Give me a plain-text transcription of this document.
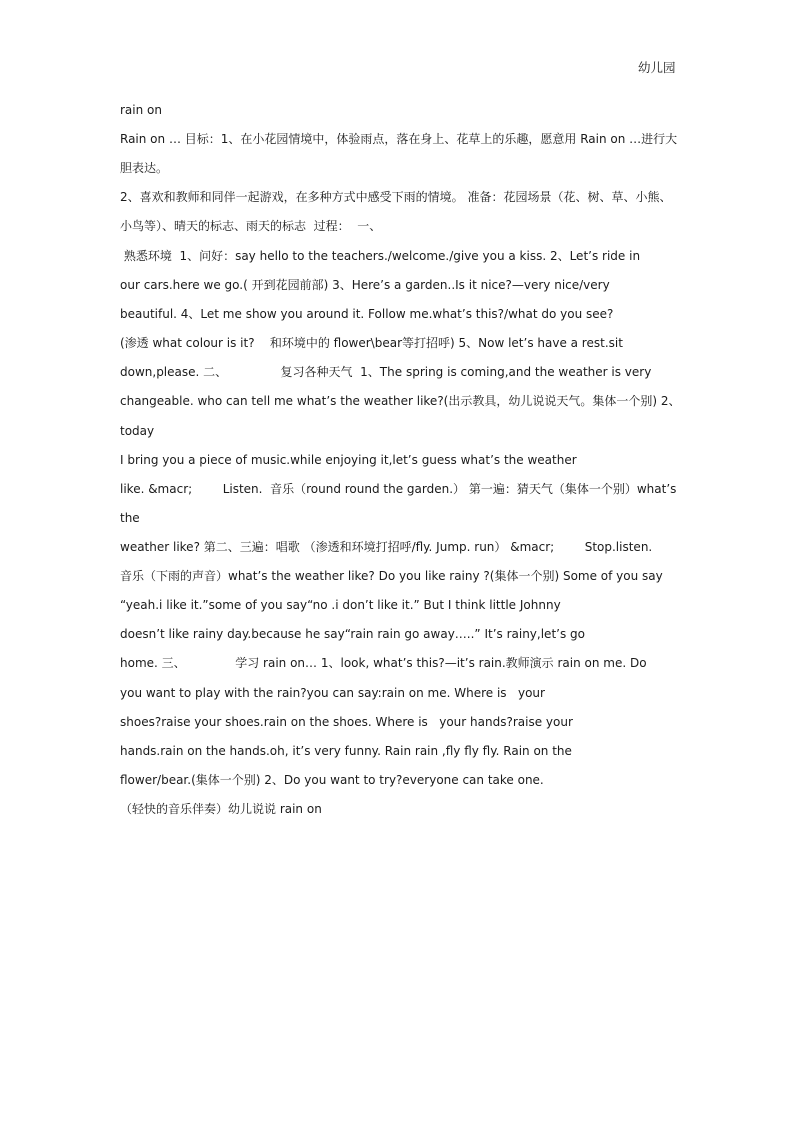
幼儿园
rain on
Rain on … 目标：1、在小花园情境中，体验雨点，落在身上、花草上的乐趣，愿意用 Rain on …进行大
胆表达。
2、喜欢和教师和同伴一起游戏，在多种方式中感受下雨的情境。 准备：花园场景（花、树、草、小熊、
小鸟等）、晴天的标志、雨天的标志  过程：  一、
熟悉环境  1、问好：say hello to the teachers./welcome./give you a kiss. 2、Let’s ride in
our cars.here we go.( 开到花园前部) 3、Here’s a garden..Is it nice?—very nice/very
beautiful. 4、Let me show you around it. Follow me.what’s this?/what do you see?
(渗透 what colour is it?    和环境中的 flower\bear等打招呼) 5、Now let’s have a rest.sit
down,please. 二、              复习各种天气  1、The spring is coming,and the weather is very
changeable. who can tell me what’s the weather like?(出示教具，幼儿说说天气。集体一个别) 2、
today
I bring you a piece of music.while enjoying it,let’s guess what’s the weather
like. &macr;        Listen.  音乐（round round the garden.） 第一遍：猜天气（集体一个别）what’s
the
weather like? 第二、三遍：唱歌 （渗透和环境打招呼/fly. Jump. run） &macr;        Stop.listen.
音乐（下雨的声音）what’s the weather like? Do you like rainy ?(集体一个别) Some of you say
“yeah.i like it.”some of you say“no .i don’t like it.” But I think little Johnny
doesn’t like rainy day.because he say“rain rain go away…..” It’s rainy,let’s go
home. 三、             学习 rain on… 1、look, what’s this?—it’s rain.教师演示 rain on me. Do
you want to play with the rain?you can say:rain on me. Where is   your
shoes?raise your shoes.rain on the shoes. Where is   your hands?raise your
hands.rain on the hands.oh, it’s very funny. Rain rain ,fly fly fly. Rain on the
flower/bear.(集体一个别) 2、Do you want to try?everyone can take one.
（轻快的音乐伴奏）幼儿说说 rain on
